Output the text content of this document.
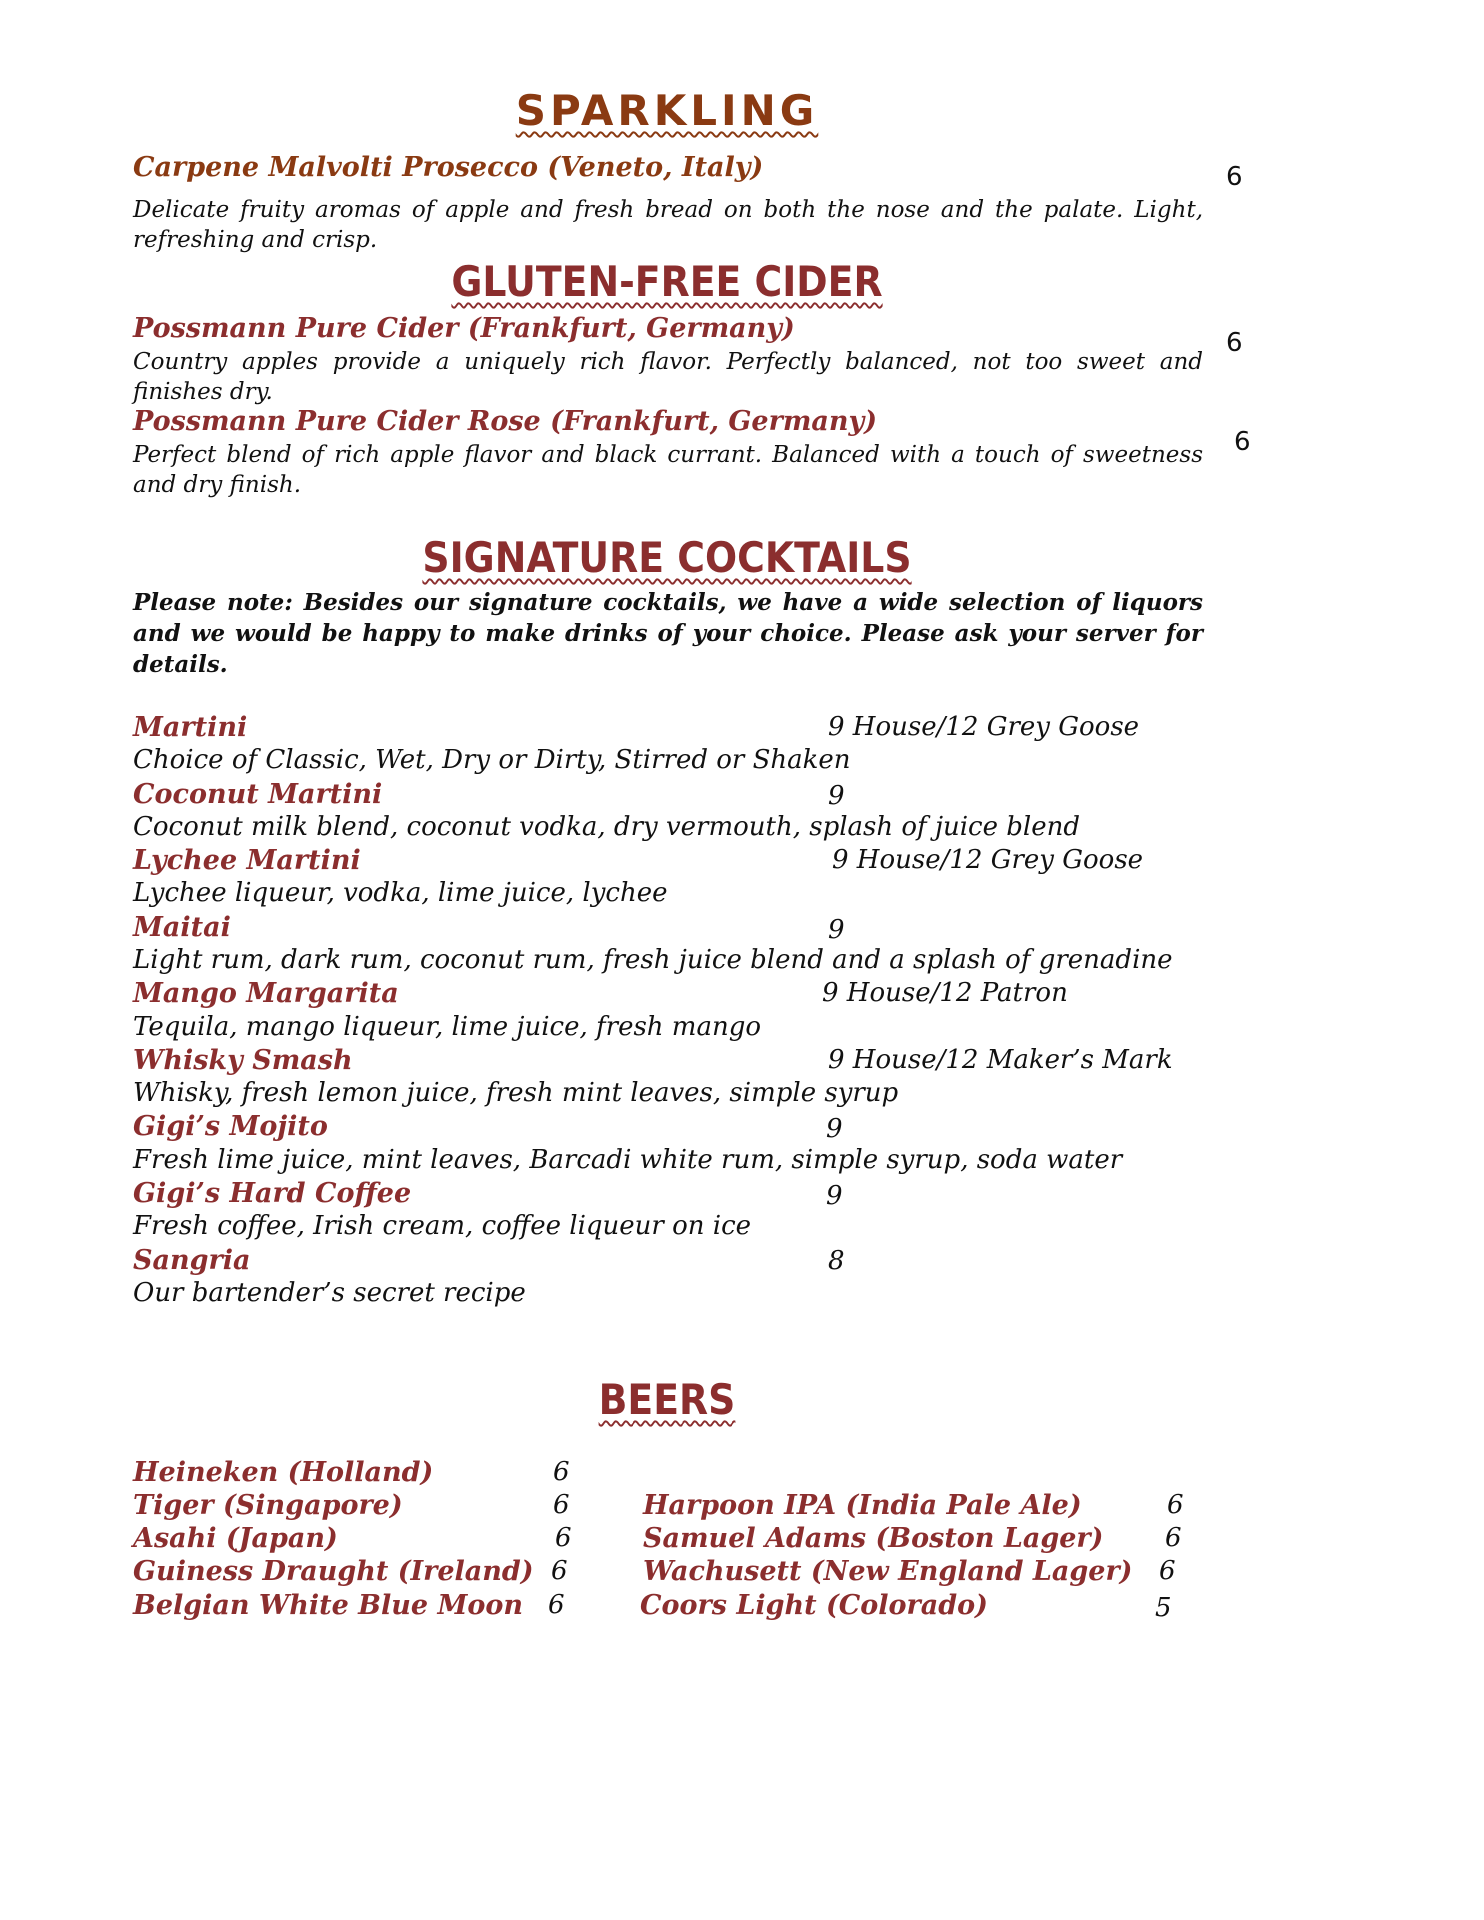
SPARKLING
Carpene Malvolti Prosecco (Veneto, Italy)	6
Delicate fruity aromas of apple and fresh bread on both the nose and the palate. Light, refreshing and crisp.
GLUTEN-FREE CIDER
Possmann Pure Cider (Frankfurt, Germany)	6
Country apples provide a uniquely rich flavor. Perfectly balanced, not too sweet and finishes dry.
Possmann Pure Cider Rose (Frankfurt, Germany)
6
Perfect blend of rich apple flavor and black currant. Balanced with a touch of sweetness and dry finish.
SIGNATURE COCKTAILS
Please note: Besides our signature cocktails, we have a wide selection of liquors and we would be happy to make drinks of your choice. Please ask your server for details.
Martini	9 House/12 Grey Goose
Choice of Classic, Wet, Dry or Dirty, Stirred or Shaken
Coconut Martini	9
Coconut milk blend, coconut vodka, dry vermouth, splash of juice blend
Lychee Martini	9 House/12 Grey Goose
Lychee liqueur, vodka, lime juice, lychee
Maitai	9
Light rum, dark rum, coconut rum, fresh juice blend and a splash of grenadine
Mango Margarita	9 House/12 Patron
Tequila, mango liqueur, lime juice, fresh mango
Whisky Smash	9 House/12 Maker’s Mark
Whisky, fresh lemon juice, fresh mint leaves, simple syrup
Gigi’s Mojito	9
Fresh lime juice, mint leaves, Barcadi white rum, simple syrup, soda water
Gigi’s Hard Coffee	9
Fresh coffee, Irish cream, coffee liqueur on ice
Sangria	8
Our bartender’s secret recipe
BEERS
Heineken (Holland)	6
Tiger (Singapore)	6
Asahi (Japan)	6
Guiness Draught (Ireland) 6
Belgian White Blue Moon 6
Harpoon IPA (India Pale Ale)	6
Samuel Adams (Boston Lager) 6
Wachusett (New England Lager) 6
Coors Light (Colorado)	5
